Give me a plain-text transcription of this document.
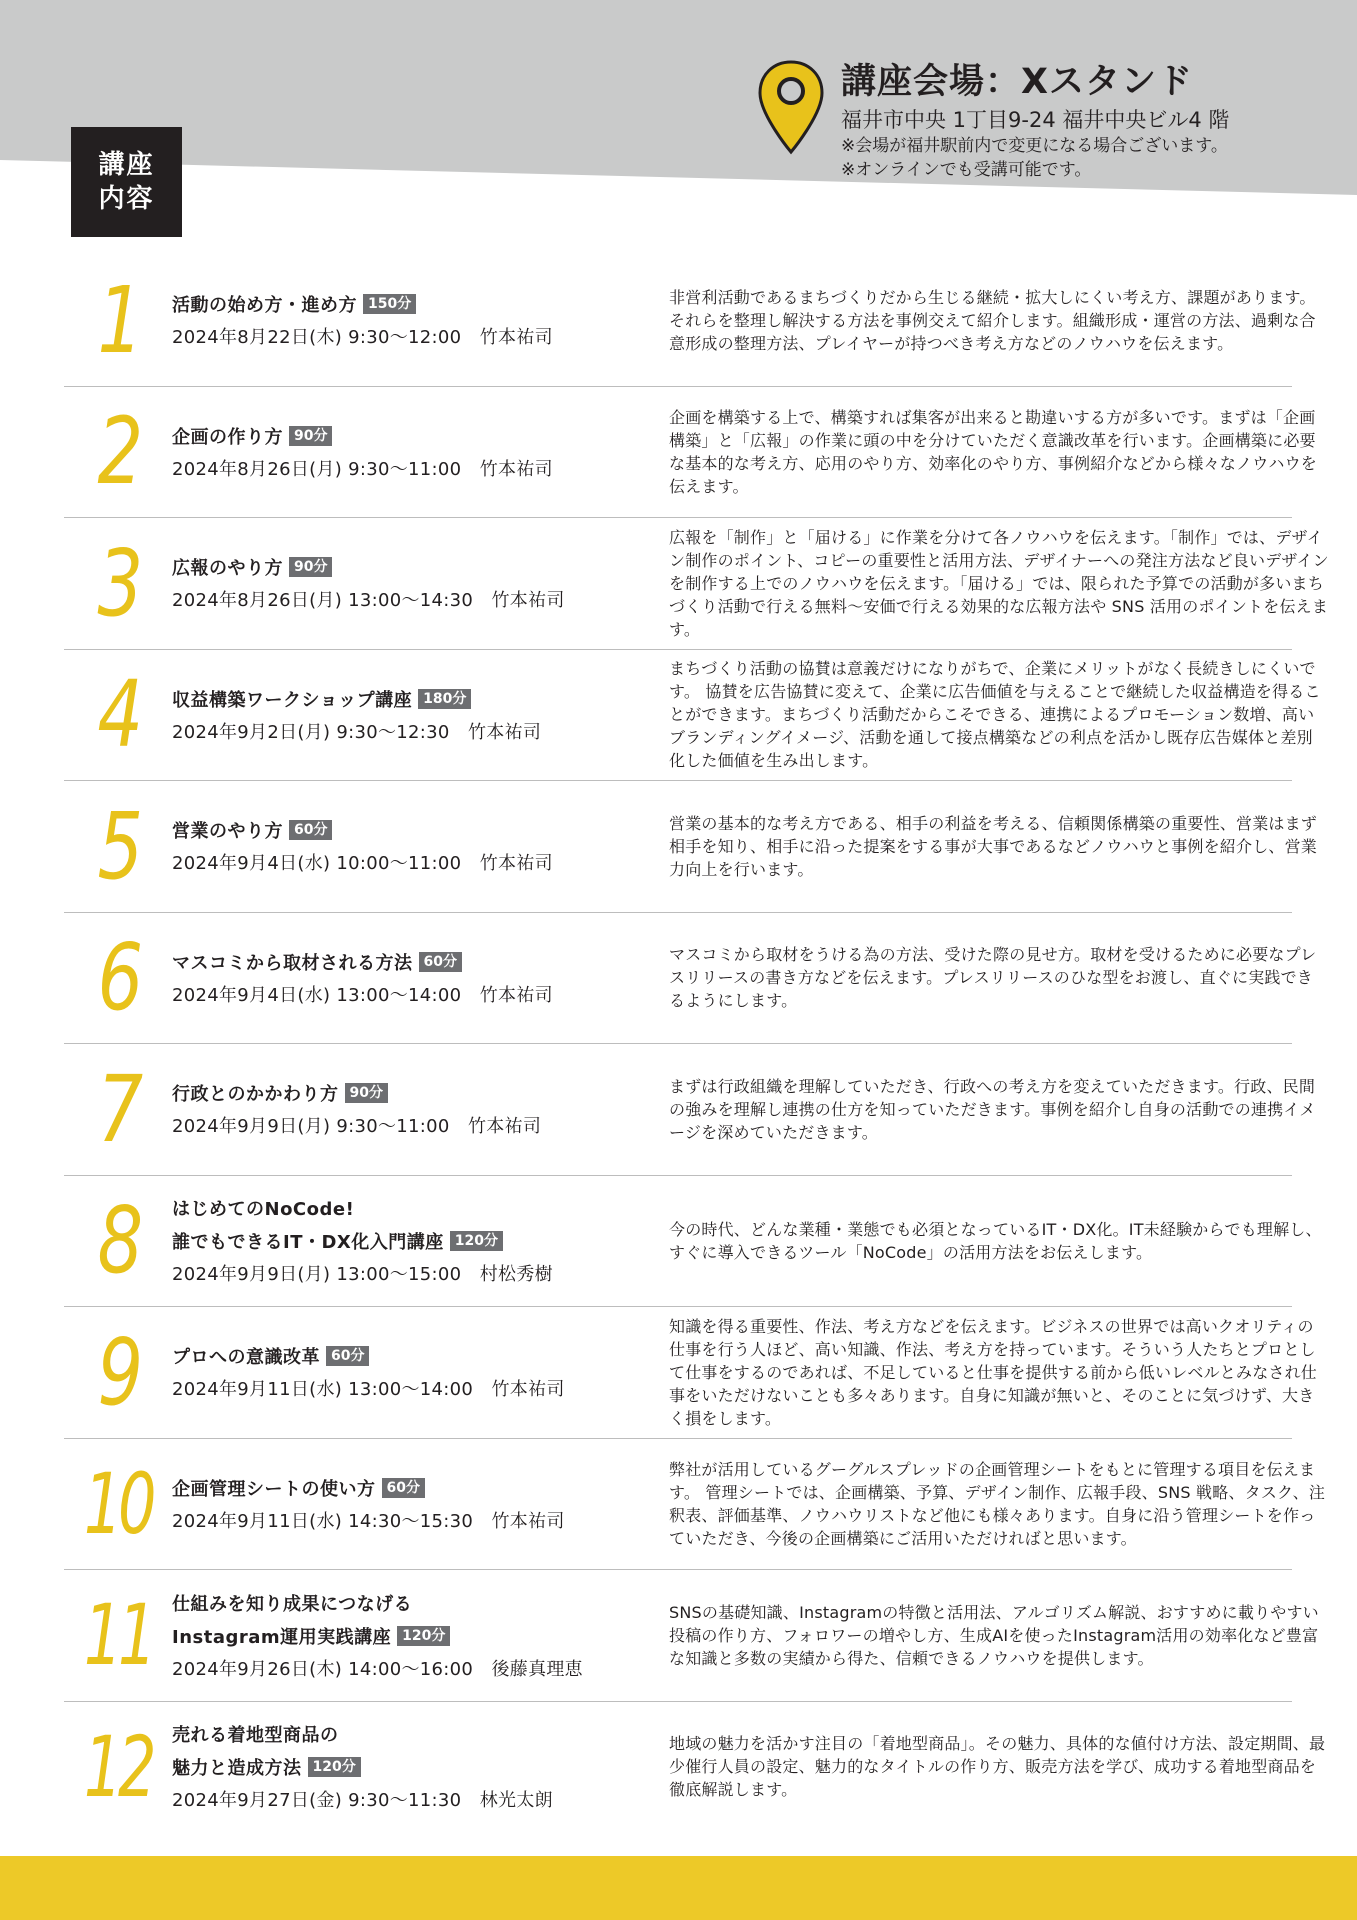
講座
内容
講座会場：Xスタンド
福井市中央 1丁目9-24 福井中央ビル4 階
※会場が福井駅前内で変更になる場合ございます。
※オンラインでも受講可能です。
1	活動の始め方・進め方 150分
2024年8月22日(木) 9:30〜12:00　竹本祐司
非営利活動であるまちづくりだから生じる継続・拡大しにくい考え方、課題があります。それらを整理し解決する方法を事例交えて紹介します。組織形成・運営の方法、過剰な合意形成の整理方法、プレイヤーが持つべき考え方などのノウハウを伝えます。
2	企画の作り方 90分
2024年8月26日(月) 9:30〜11:00　竹本祐司
企画を構築する上で、構築すれば集客が出来ると勘違いする方が多いです。まずは「企画構築」と「広報」の作業に頭の中を分けていただく意識改革を行います。企画構築に必要な基本的な考え方、応用のやり方、効率化のやり方、事例紹介などから様々なノウハウを伝えます。
3	広報のやり方 90分
2024年8月26日(月) 13:00〜14:30　竹本祐司
広報を「制作」と「届ける」に作業を分けて各ノウハウを伝えます。「制作」では、デザイン制作のポイント、コピーの重要性と活用方法、デザイナーへの発注方法など良いデザインを制作する上でのノウハウを伝えます。「届ける」では、限られた予算での活動が多いまちづくり活動で行える無料〜安価で行える効果的な広報方法や SNS 活用のポイントを伝えます。
4	収益構築ワークショップ講座 180分
2024年9月2日(月) 9:30〜12:30　竹本祐司
まちづくり活動の協賛は意義だけになりがちで、企業にメリットがなく長続きしにくいです。 協賛を広告協賛に変えて、企業に広告価値を与えることで継続した収益構造を得ることができます。まちづくり活動だからこそできる、連携によるプロモーション数増、高いブランディングイメージ、活動を通して接点構築などの利点を活かし既存広告媒体と差別化した価値を生み出します。
5	営業のやり方 60分
2024年9月4日(水) 10:00〜11:00　竹本祐司
営業の基本的な考え方である、相手の利益を考える、信頼関係構築の重要性、営業はまず相手を知り、相手に沿った提案をする事が大事であるなどノウハウと事例を紹介し、営業力向上を行います。
6	マスコミから取材される方法 60分
2024年9月4日(水) 13:00〜14:00　竹本祐司
マスコミから取材をうける為の方法、受けた際の見せ方。取材を受けるために必要なプレスリリースの書き方などを伝えます。プレスリリースのひな型をお渡し、直ぐに実践できるようにします。
7	行政とのかかわり方 90分
2024年9月9日(月) 9:30〜11:00　竹本祐司
まずは行政組織を理解していただき、行政への考え方を変えていただきます。行政、民間の強みを理解し連携の仕方を知っていただきます。事例を紹介し自身の活動での連携イメージを深めていただきます。
8	はじめてのNoCode!
誰でもできるIT・DX化入門講座 120分
2024年9月9日(月) 13:00〜15:00　村松秀樹
今の時代、どんな業種・業態でも必須となっているIT・DX化。IT未経験からでも理解し、すぐに導入できるツール「NoCode」の活用方法をお伝えします。
9	プロへの意識改革 60分
2024年9月11日(水) 13:00〜14:00　竹本祐司
知識を得る重要性、作法、考え方などを伝えます。ビジネスの世界では高いクオリティの仕事を行う人ほど、高い知識、作法、考え方を持っています。そういう人たちとプロとして仕事をするのであれば、不足していると仕事を提供する前から低いレベルとみなされ仕事をいただけないことも多々あります。自身に知識が無いと、そのことに気づけず、大きく損をします。
10 企画管理シートの使い方 60分
2024年9月11日(水) 14:30〜15:30　竹本祐司
弊社が活用しているグーグルスプレッドの企画管理シートをもとに管理する項目を伝えます。 管理シートでは、企画構築、予算、デザイン制作、広報手段、SNS 戦略、タスク、注釈表、評価基準、ノウハウリストなど他にも様々あります。自身に沿う管理シートを作っていただき、今後の企画構築にご活用いただければと思います。
11 仕組みを知り成果につなげる
Instagram運用実践講座 120分
2024年9月26日(木) 14:00〜16:00　後藤真理恵
SNSの基礎知識、Instagramの特徴と活用法、アルゴリズム解説、おすすめに載りやすい投稿の作り方、フォロワーの増やし方、生成AIを使ったInstagram活用の効率化など豊富な知識と多数の実績から得た、信頼できるノウハウを提供します。
12 売れる着地型商品の
魅力と造成方法 120分
2024年9月27日(金) 9:30〜11:30　林光太朗
地域の魅力を活かす注目の「着地型商品」。その魅力、具体的な値付け方法、設定期間、最少催行人員の設定、魅力的なタイトルの作り方、販売方法を学び、成功する着地型商品を徹底解説します。
